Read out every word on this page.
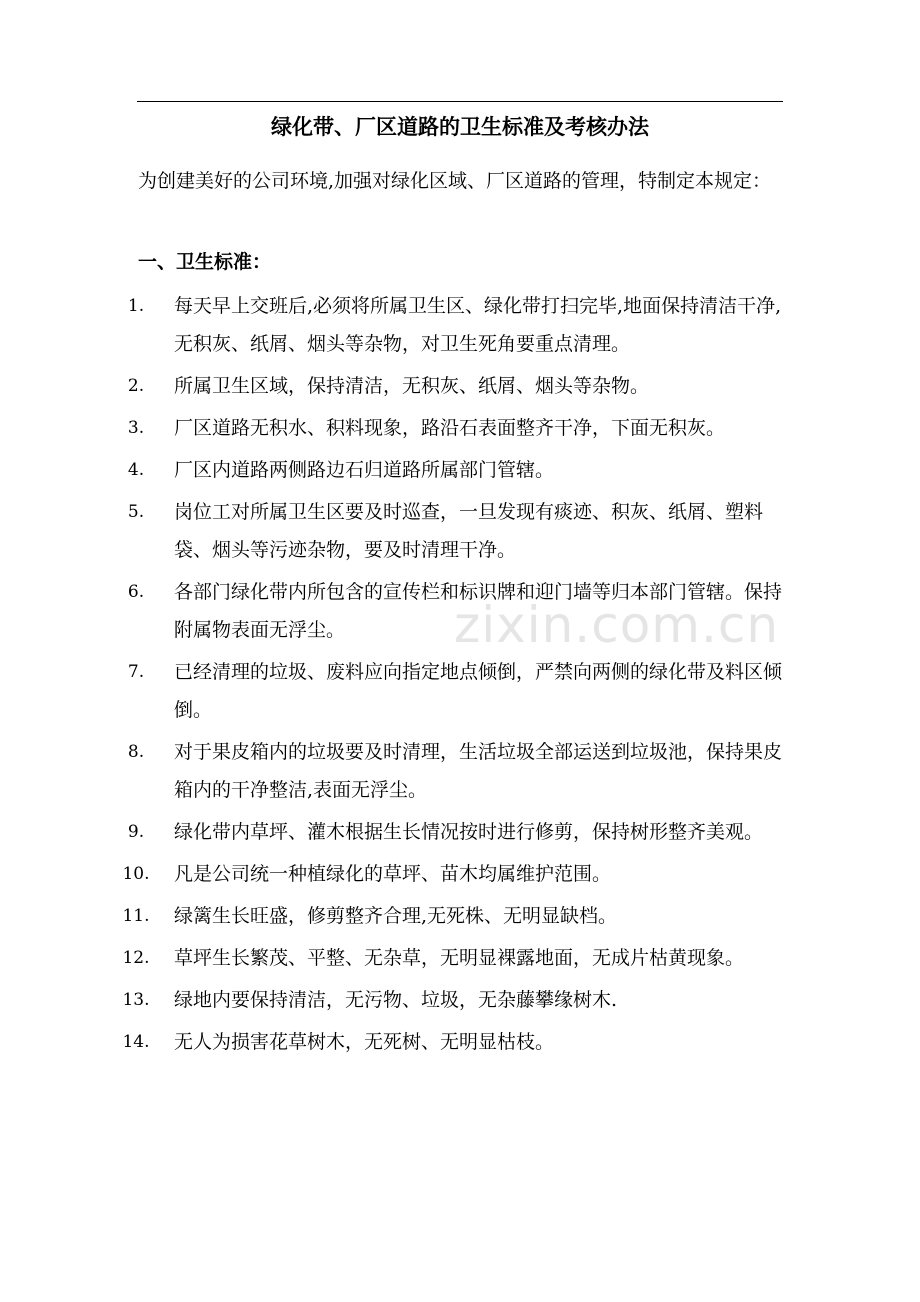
绿化带、厂区道路的卫生标准及考核办法
为创建美好的公司环境,加强对绿化区域、厂区道路的管理，特制定本规定：
一、卫生标准：
1.	每天早上交班后,必须将所属卫生区、绿化带打扫完毕,地面保持清洁干净,无积灰、纸屑、烟头等杂物，对卫生死角要重点清理。
2.	所属卫生区域，保持清洁，无积灰、纸屑、烟头等杂物。
3.	厂区道路无积水、积料现象，路沿石表面整齐干净，下面无积灰。
4.	厂区内道路两侧路边石归道路所属部门管辖。
5.	岗位工对所属卫生区要及时巡查，一旦发现有痰迹、积灰、纸屑、塑料袋、烟头等污迹杂物，要及时清理干净。
6.	各部门绿化带内所包含的宣传栏和标识牌和迎门墙等归本部门管辖。保持附属物表面无浮尘。
7.	已经清理的垃圾、废料应向指定地点倾倒，严禁向两侧的绿化带及料区倾倒。
8.	对于果皮箱内的垃圾要及时清理，生活垃圾全部运送到垃圾池，保持果皮箱内的干净整洁,表面无浮尘。
9.	绿化带内草坪、灌木根据生长情况按时进行修剪，保持树形整齐美观。
10.	凡是公司统一种植绿化的草坪、苗木均属维护范围。
11.	绿篱生长旺盛，修剪整齐合理,无死株、无明显缺档。
12.	草坪生长繁茂、平整、无杂草，无明显裸露地面，无成片枯黄现象。
13.	绿地内要保持清洁，无污物、垃圾，无杂藤攀缘树木.
14.	无人为损害花草树木，无死树、无明显枯枝。
zixin.com.cn
